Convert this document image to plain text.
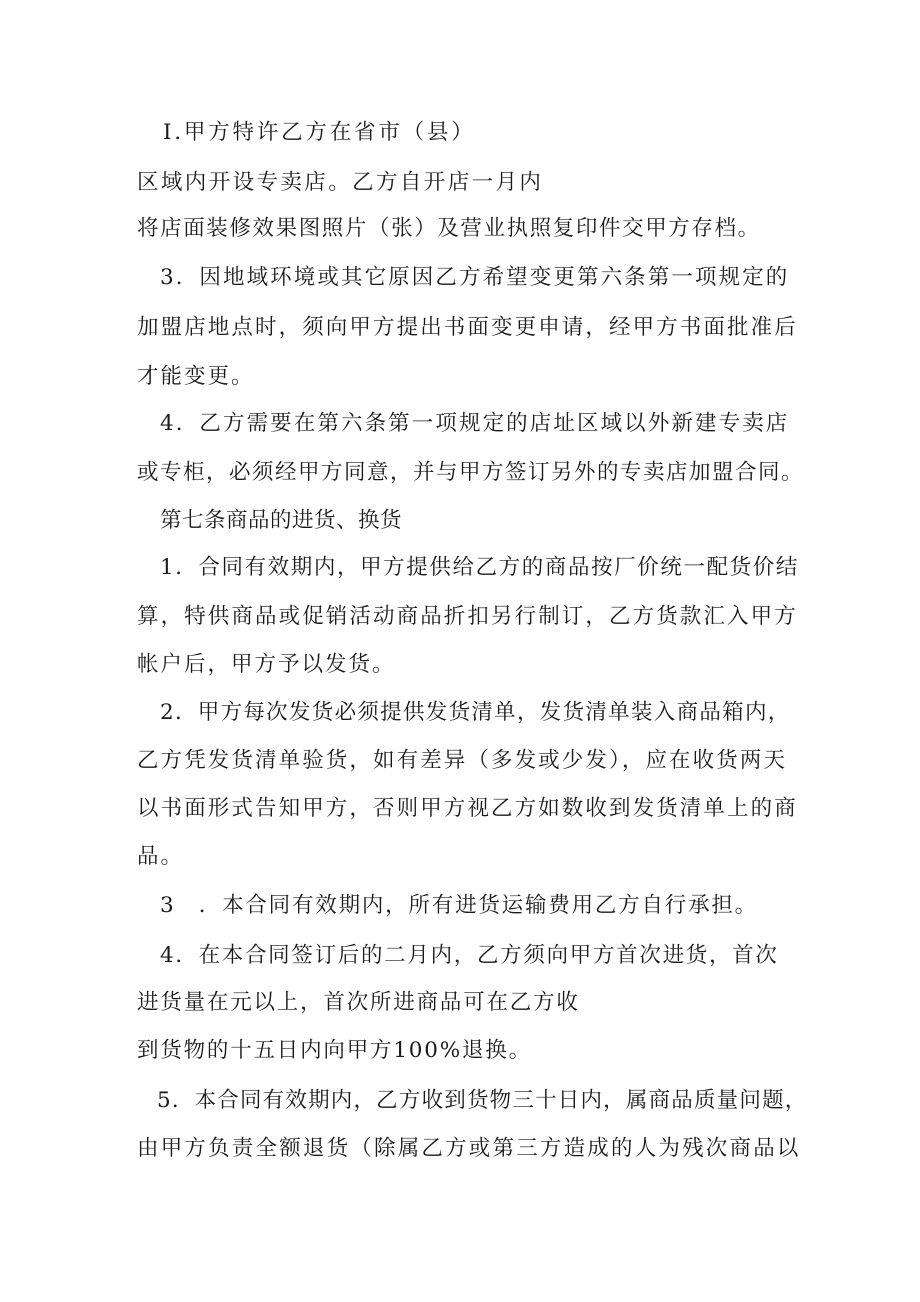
I.甲方特许乙方在省市（县）

区域内开设专卖店。乙方自开店一月内

将店面装修效果图照片（张）及营业执照复印件交甲方存档。

3．因地域环境或其它原因乙方希望变更第六条第一项规定的

加盟店地点时，须向甲方提出书面变更申请，经甲方书面批准后

才能变更。

4．乙方需要在第六条第一项规定的店址区域以外新建专卖店

或专柜，必须经甲方同意，并与甲方签订另外的专卖店加盟合同。

第七条商品的进货、换货

1．合同有效期内，甲方提供给乙方的商品按厂价统一配货价结

算，特供商品或促销活动商品折扣另行制订，乙方货款汇入甲方

帐户后，甲方予以发货。

2．甲方每次发货必须提供发货清单，发货清单装入商品箱内，

乙方凭发货清单验货，如有差异（多发或少发），应在收货两天

以书面形式告知甲方，否则甲方视乙方如数收到发货清单上的商

品。

3　．本合同有效期内，所有进货运输费用乙方自行承担。

4．在本合同签订后的二月内，乙方须向甲方首次进货，首次

进货量在元以上，首次所进商品可在乙方收

到货物的十五日内向甲方100%退换。

5．本合同有效期内，乙方收到货物三十日内，属商品质量问题，

由甲方负责全额退货（除属乙方或第三方造成的人为残次商品以
